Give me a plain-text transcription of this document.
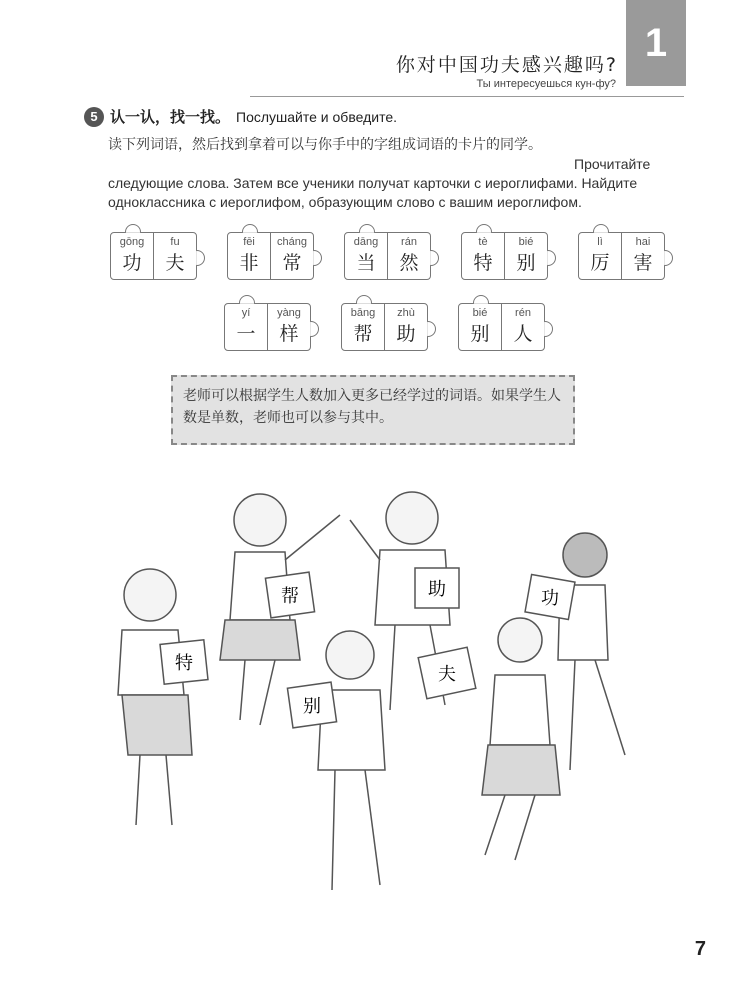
1
你对中国功夫感兴趣吗?
Ты интересуешься кун-фу?
5 认一认，找一找。 Послушайте и обведите.
读下列词语，然后找到拿着可以与你手中的字组成词语的卡片的同学。
Прочитайте следующие слова. Затем все ученики получат карточки с иероглифами. Найдите одноклассника с иероглифом, образующим слово с вашим иероглифом.
gōng
功
fu
夫
fēi
非
cháng
常
dāng
当
rán
然
tè
特
bié
别
lì
厉
hai
害
yí
一
yàng
样
bāng
帮
zhù
助
bié
别
rén
人
老师可以根据学生人数加入更多已经学过的词语。如果学生人数是单数，老师也可以参与其中。
帮	助	功
特
别
夫
7
